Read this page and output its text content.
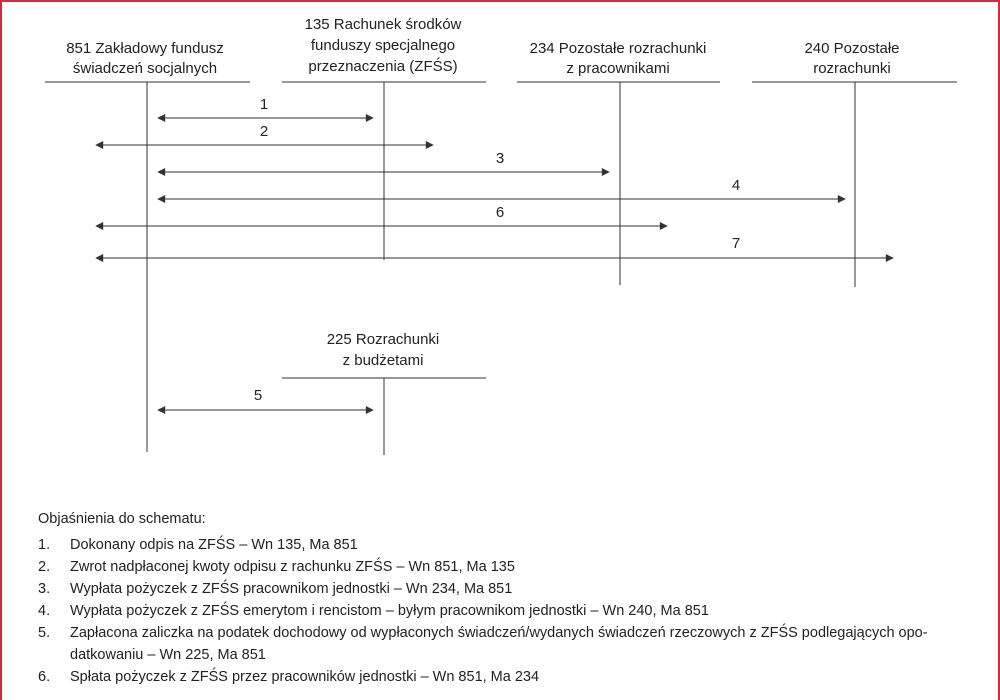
851 Zakładowy fundusz
świadczeń socjalnych
135 Rachunek środków
funduszy specjalnego
przeznaczenia (ZFŚS)
234 Pozostałe rozrachunki
z pracownikami
240 Pozostałe
rozrachunki
225 Rozrachunki
z budżetami
1
2
3
4
6
7
5
Objaśnienia do schematu:
1.	Dokonany odpis na ZFŚS – Wn 135, Ma 851
2.	Zwrot nadpłaconej kwoty odpisu z rachunku ZFŚS – Wn 851, Ma 135
3.	Wypłata pożyczek z ZFŚS pracownikom jednostki – Wn 234, Ma 851
4.	Wypłata pożyczek z ZFŚS emerytom i rencistom – byłym pracownikom jednostki – Wn 240, Ma 851
5.	Zapłacona zaliczka na podatek dochodowy od wypłaconych świadczeń/wydanych świadczeń rzeczowych z ZFŚS podlegających opo-datkowaniu – Wn 225, Ma 851
6.	Spłata pożyczek z ZFŚS przez pracowników jednostki – Wn 851, Ma 234
